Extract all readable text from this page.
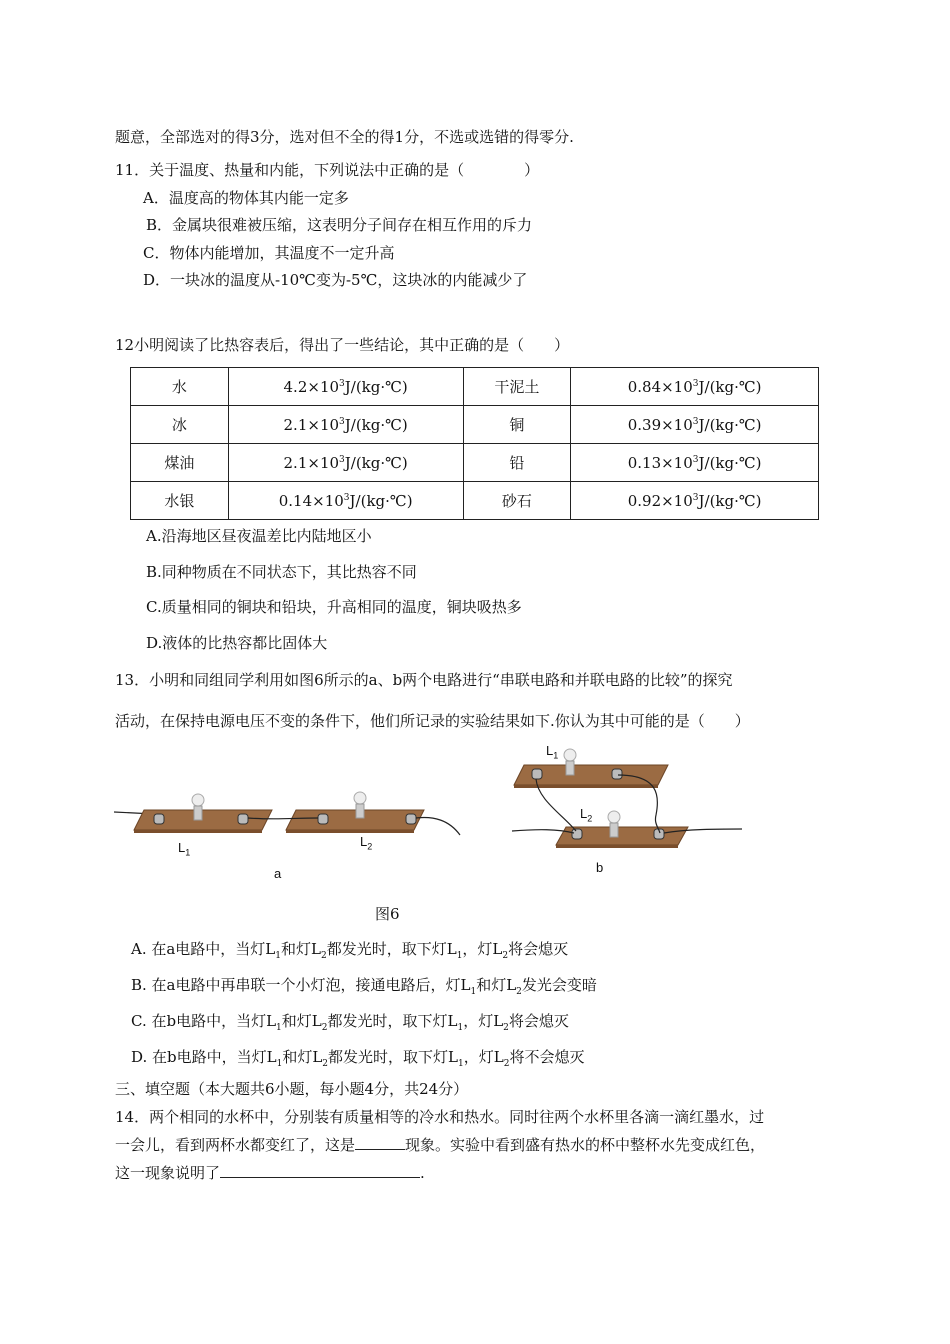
题意，全部选对的得3分，选对但不全的得1分，不选或选错的得零分.
11．关于温度、热量和内能，下列说法中正确的是（　　　　）
A．温度高的物体其内能一定多
B．金属块很难被压缩，这表明分子间存在相互作用的斥力
C．物体内能增加，其温度不一定升高
D．一块冰的温度从-10℃变为-5℃，这块冰的内能减少了
12小明阅读了比热容表后，得出了一些结论，其中正确的是（　　）
水	$4.2\times 10^3J/(kg\cdot℃)$	干泥土	$0.84\times 10^3J/(kg\cdot℃)$
冰	$2.1\times 10^3J/(kg\cdot℃)$	铜	$0.39\times 10^3J/(kg\cdot℃)$
煤油	$2.1\times 10^3J/(kg\cdot℃)$	铅	$0.13\times 10^3J/(kg\cdot℃)$
水银	$0.14\times 10^3J/(kg\cdot℃)$	砂石	$0.92\times 10^3J/(kg\cdot℃)$
A.沿海地区昼夜温差比内陆地区小
B.同种物质在不同状态下，其比热容不同
C.质量相同的铜块和铅块，升高相同的温度，铜块吸热多
D.液体的比热容都比固体大
13．小明和同组同学利用如图6所示的a、b两个电路进行“串联电路和并联电路的比较”的探究
活动，在保持电源电压不变的条件下，他们所记录的实验结果如下.你认为其中可能的是（　　）
$L_1$
$L_2$
a
$L_1$
$L_2$
b
图6
A. 在a电路中，当灯$L_1$和灯$L_2$都发光时，取下灯$L_1$，灯$L_2$将会熄灭
B. 在a电路中再串联一个小灯泡，接通电路后，灯$L_1$和灯$L_2$发光会变暗
C. 在b电路中，当灯$L_1$和灯$L_2$都发光时，取下灯$L_1$，灯$L_2$将会熄灭
D. 在b电路中，当灯$L_1$和灯$L_2$都发光时，取下灯$L_1$，灯$L_2$将不会熄灭
三、填空题（本大题共6小题，每小题4分，共24分）
14．两个相同的水杯中，分别装有质量相等的冷水和热水。同时往两个水杯里各滴一滴红墨水，过
一会儿，看到两杯水都变红了，这是	现象。实验中看到盛有热水的杯中整杯水先变成红色，
这一现象说明了	.
